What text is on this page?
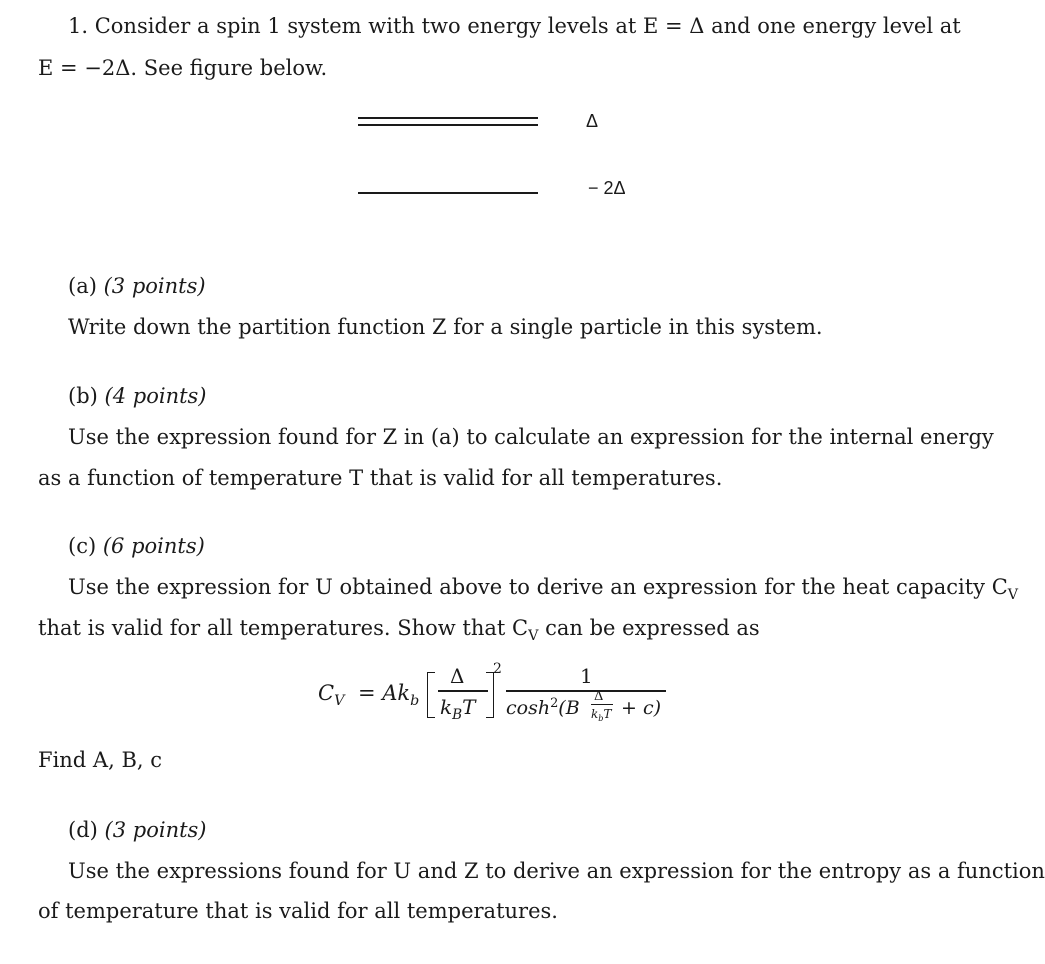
1. Consider a spin 1 system with two energy levels at E = Δ and one energy level at
E = −2Δ. See figure below.
Δ
− 2Δ
(a) (3 points)
Write down the partition function Z for a single particle in this system.
(b) (4 points)
Use the expression found for Z in (a) to calculate an expression for the internal energy
as a function of temperature T that is valid for all temperatures.
(c) (6 points)
Use the expression for U obtained above to derive an expression for the heat capacity $C_V$
that is valid for all temperatures. Show that $C_V$ can be expressed as
$C_V = Ak_b$
Δ
$k_BT$
2	1
$\cosh^2(B$
Δ
$k_bT + c$)
Find A, B, c
(d) (3 points)
Use the expressions found for U and Z to derive an expression for the entropy as a function
of temperature that is valid for all temperatures.
